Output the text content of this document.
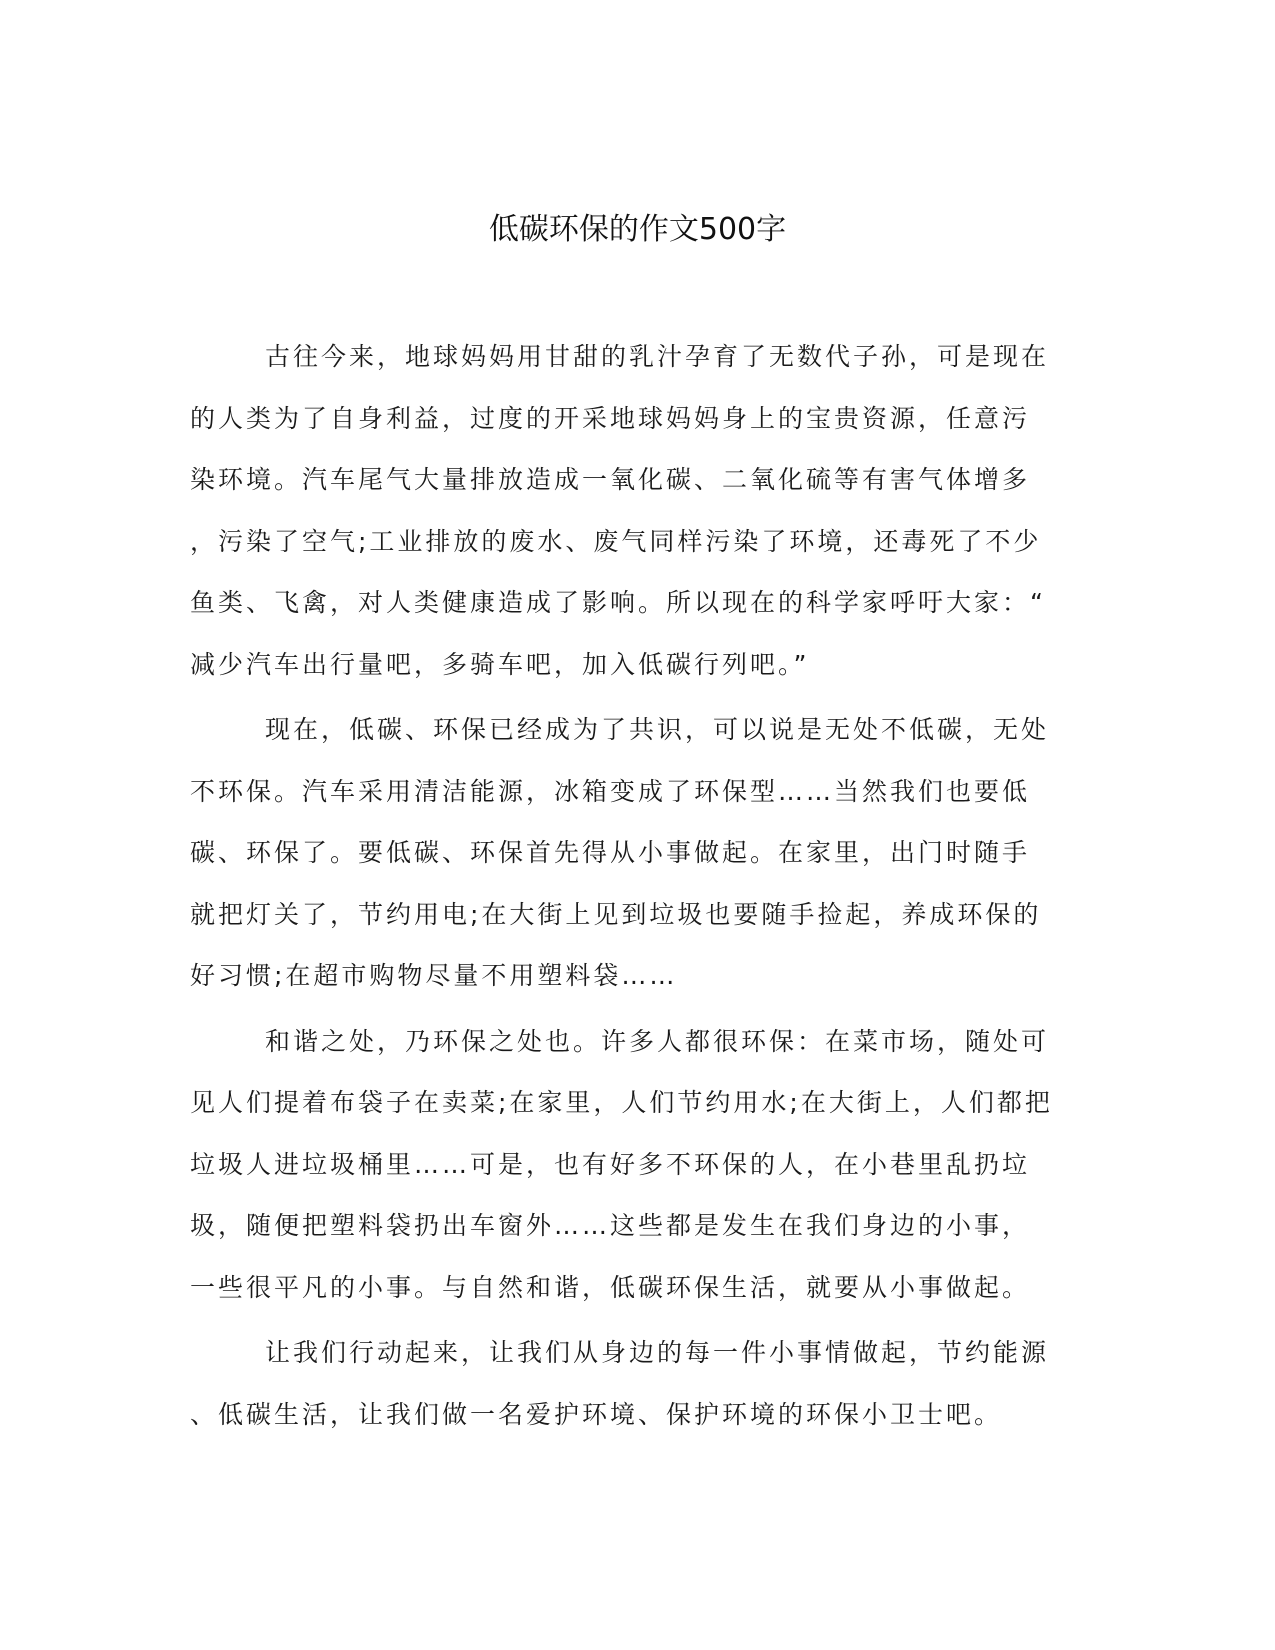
低碳环保的作文500字

古往今来，地球妈妈用甘甜的乳汁孕育了无数代子孙，可是现在
的人类为了自身利益，过度的开采地球妈妈身上的宝贵资源，任意污
染环境。汽车尾气大量排放造成一氧化碳、二氧化硫等有害气体增多
，污染了空气;工业排放的废水、废气同样污染了环境，还毒死了不少
鱼类、飞禽，对人类健康造成了影响。所以现在的科学家呼吁大家：“
减少汽车出行量吧，多骑车吧，加入低碳行列吧。”

现在，低碳、环保已经成为了共识，可以说是无处不低碳，无处
不环保。汽车采用清洁能源，冰箱变成了环保型……当然我们也要低
碳、环保了。要低碳、环保首先得从小事做起。在家里，出门时随手
就把灯关了，节约用电;在大街上见到垃圾也要随手捡起，养成环保的
好习惯;在超市购物尽量不用塑料袋……

和谐之处，乃环保之处也。许多人都很环保：在菜市场，随处可
见人们提着布袋子在卖菜;在家里，人们节约用水;在大街上，人们都把
垃圾人进垃圾桶里……可是，也有好多不环保的人，在小巷里乱扔垃
圾，随便把塑料袋扔出车窗外……这些都是发生在我们身边的小事，
一些很平凡的小事。与自然和谐，低碳环保生活，就要从小事做起。

让我们行动起来，让我们从身边的每一件小事情做起，节约能源
、低碳生活，让我们做一名爱护环境、保护环境的环保小卫士吧。
